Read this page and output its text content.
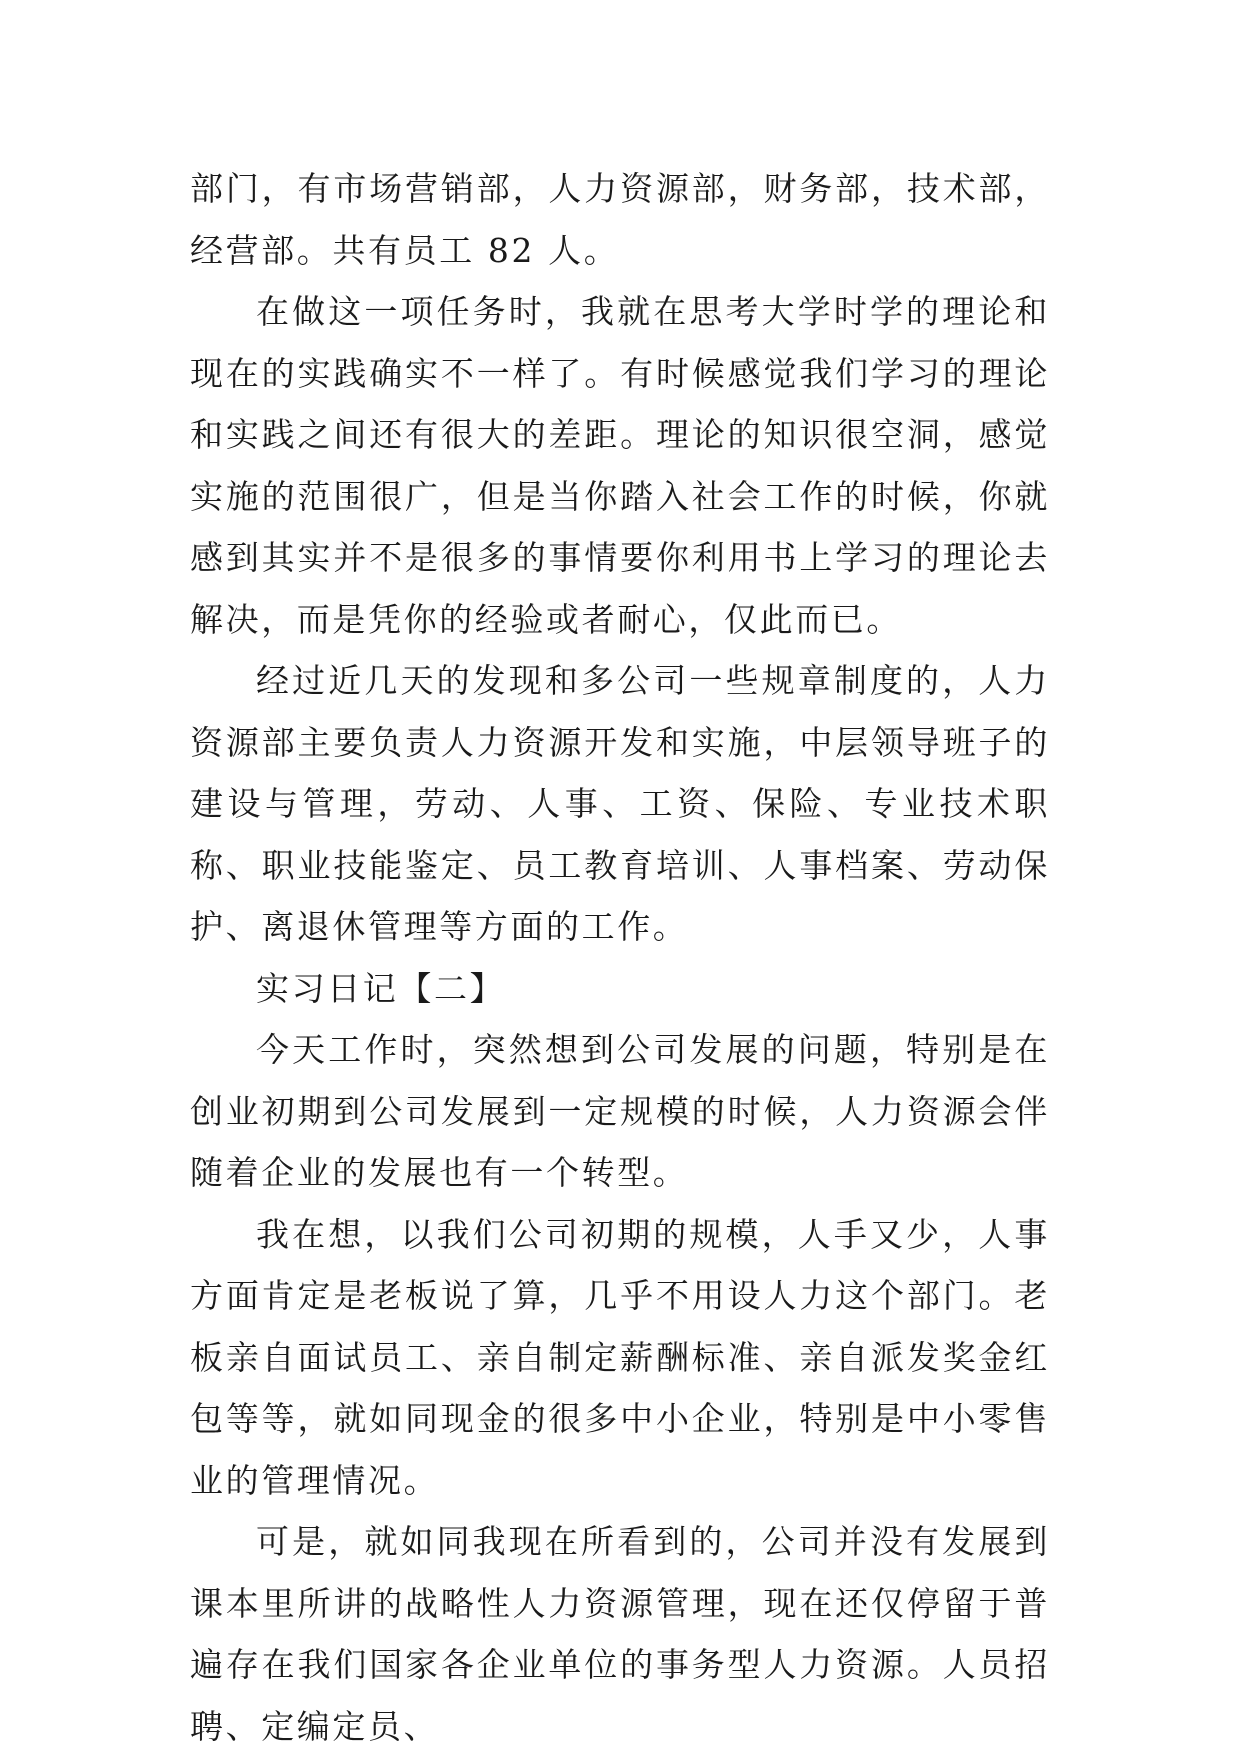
部门，有市场营销部，人力资源部，财务部，技术部，经营部。共有员工 82 人。

在做这一项任务时，我就在思考大学时学的理论和现在的实践确实不一样了。有时候感觉我们学习的理论和实践之间还有很大的差距。理论的知识很空洞，感觉实施的范围很广，但是当你踏入社会工作的时候，你就感到其实并不是很多的事情要你利用书上学习的理论去解决，而是凭你的经验或者耐心，仅此而已。

经过近几天的发现和多公司一些规章制度的，人力资源部主要负责人力资源开发和实施，中层领导班子的建设与管理，劳动、人事、工资、保险、专业技术职称、职业技能鉴定、员工教育培训、人事档案、劳动保护、离退休管理等方面的工作。

实习日记【二】

今天工作时，突然想到公司发展的问题，特别是在创业初期到公司发展到一定规模的时候，人力资源会伴随着企业的发展也有一个转型。

我在想，以我们公司初期的规模，人手又少，人事方面肯定是老板说了算，几乎不用设人力这个部门。老板亲自面试员工、亲自制定薪酬标准、亲自派发奖金红包等等，就如同现金的很多中小企业，特别是中小零售业的管理情况。

可是，就如同我现在所看到的，公司并没有发展到课本里所讲的战略性人力资源管理，现在还仅停留于普遍存在我们国家各企业单位的事务型人力资源。人员招聘、定编定员、
